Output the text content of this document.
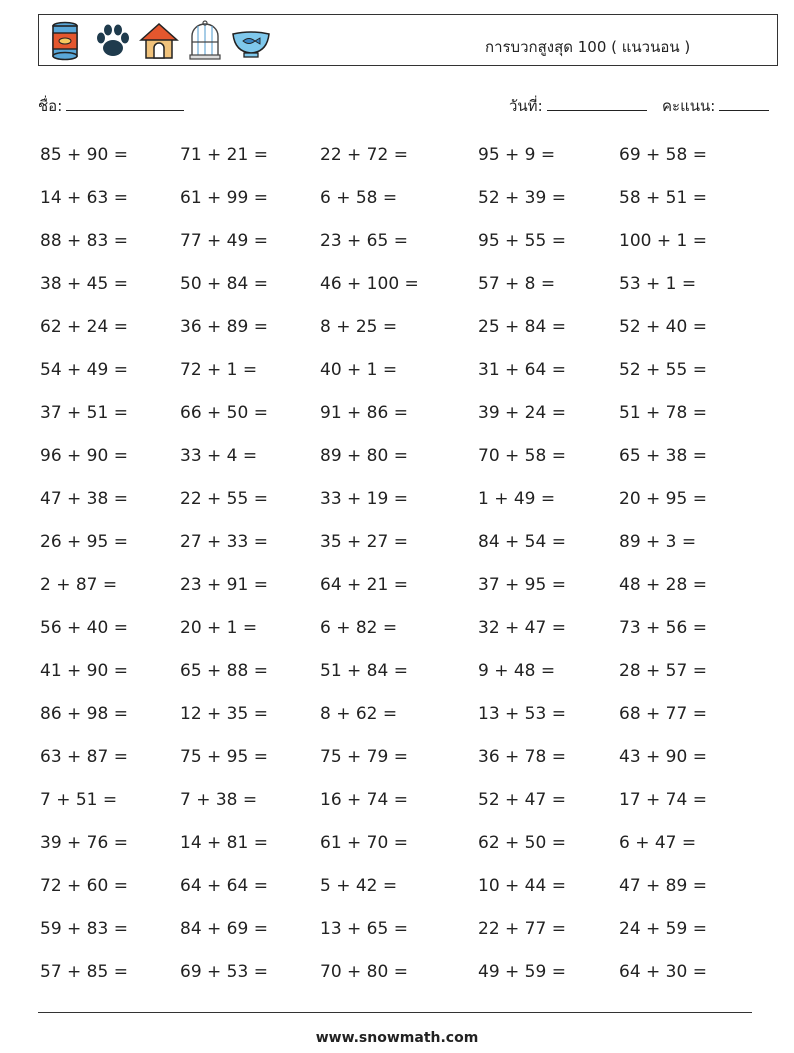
การบวกสูงสุด 100 ( แนวนอน )
ชื่อ:	วันที่:	คะแนน:
85 + 90 =	71 + 21 =	22 + 72 =	95 + 9 =	69 + 58 =
14 + 63 =	61 + 99 =	6 + 58 =	52 + 39 =	58 + 51 =
88 + 83 =	77 + 49 =	23 + 65 =	95 + 55 =	100 + 1 =
38 + 45 =	50 + 84 =	46 + 100 =	57 + 8 =	53 + 1 =
62 + 24 =	36 + 89 =	8 + 25 =	25 + 84 =	52 + 40 =
54 + 49 =	72 + 1 =	40 + 1 =	31 + 64 =	52 + 55 =
37 + 51 =	66 + 50 =	91 + 86 =	39 + 24 =	51 + 78 =
96 + 90 =	33 + 4 =	89 + 80 =	70 + 58 =	65 + 38 =
47 + 38 =	22 + 55 =	33 + 19 =	1 + 49 =	20 + 95 =
26 + 95 =	27 + 33 =	35 + 27 =	84 + 54 =	89 + 3 =
2 + 87 =	23 + 91 =	64 + 21 =	37 + 95 =	48 + 28 =
56 + 40 =	20 + 1 =	6 + 82 =	32 + 47 =	73 + 56 =
41 + 90 =	65 + 88 =	51 + 84 =	9 + 48 =	28 + 57 =
86 + 98 =	12 + 35 =	8 + 62 =	13 + 53 =	68 + 77 =
63 + 87 =	75 + 95 =	75 + 79 =	36 + 78 =	43 + 90 =
7 + 51 =	7 + 38 =	16 + 74 =	52 + 47 =	17 + 74 =
39 + 76 =	14 + 81 =	61 + 70 =	62 + 50 =	6 + 47 =
72 + 60 =	64 + 64 =	5 + 42 =	10 + 44 =	47 + 89 =
59 + 83 =	84 + 69 =	13 + 65 =	22 + 77 =	24 + 59 =
57 + 85 =	69 + 53 =	70 + 80 =	49 + 59 =	64 + 30 =
www.snowmath.com
